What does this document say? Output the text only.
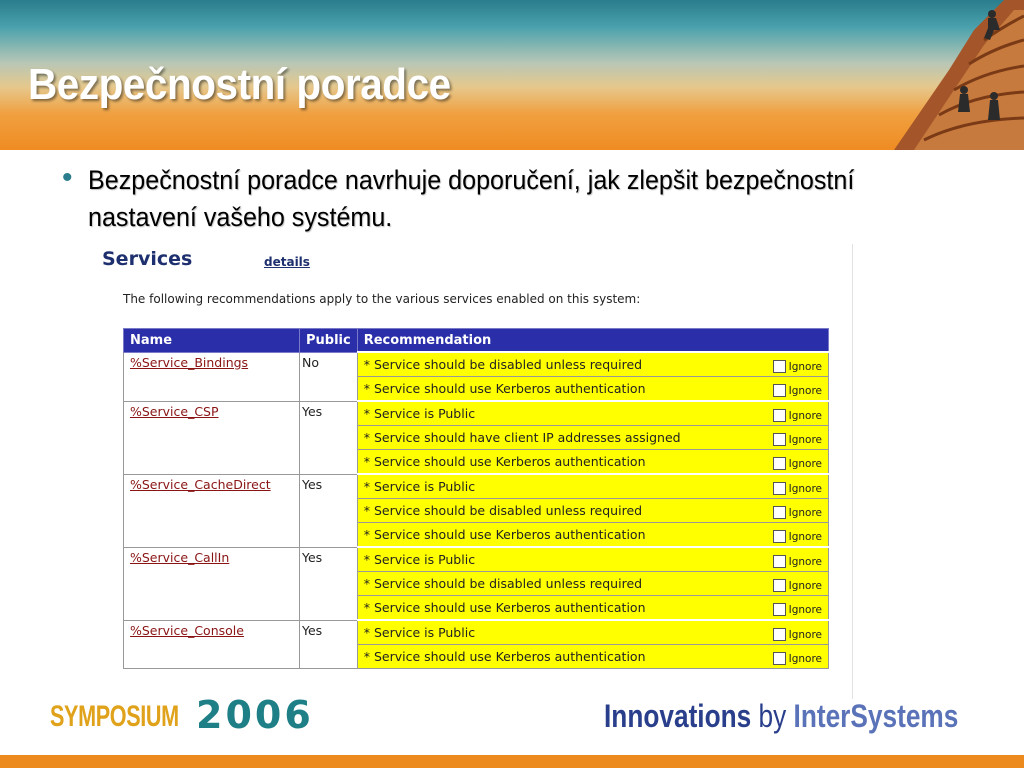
Bezpečnostní poradce
• Bezpečnostní poradce navrhuje doporučení, jak zlepšit bezpečnostní nastavení vašeho systému.
Services	details
The following recommendations apply to the various services enabled on this system:
Name	Public	Recommendation
%Service_Bindings	No	* Service should be disabled unless required Ignore

		* Service should use Kerberos authentication Ignore

%Service_CSP	Yes	* Service is Public Ignore

		* Service should have client IP addresses assigned Ignore

		* Service should use Kerberos authentication Ignore

%Service_CacheDirect	Yes	* Service is Public Ignore

		* Service should be disabled unless required Ignore

		* Service should use Kerberos authentication Ignore

%Service_CallIn	Yes	* Service is Public Ignore

		* Service should be disabled unless required Ignore

		* Service should use Kerberos authentication Ignore

%Service_Console	Yes	* Service is Public Ignore

		* Service should use Kerberos authentication Ignore
SYMPOSIUM 2006	Innovations by InterSystems
